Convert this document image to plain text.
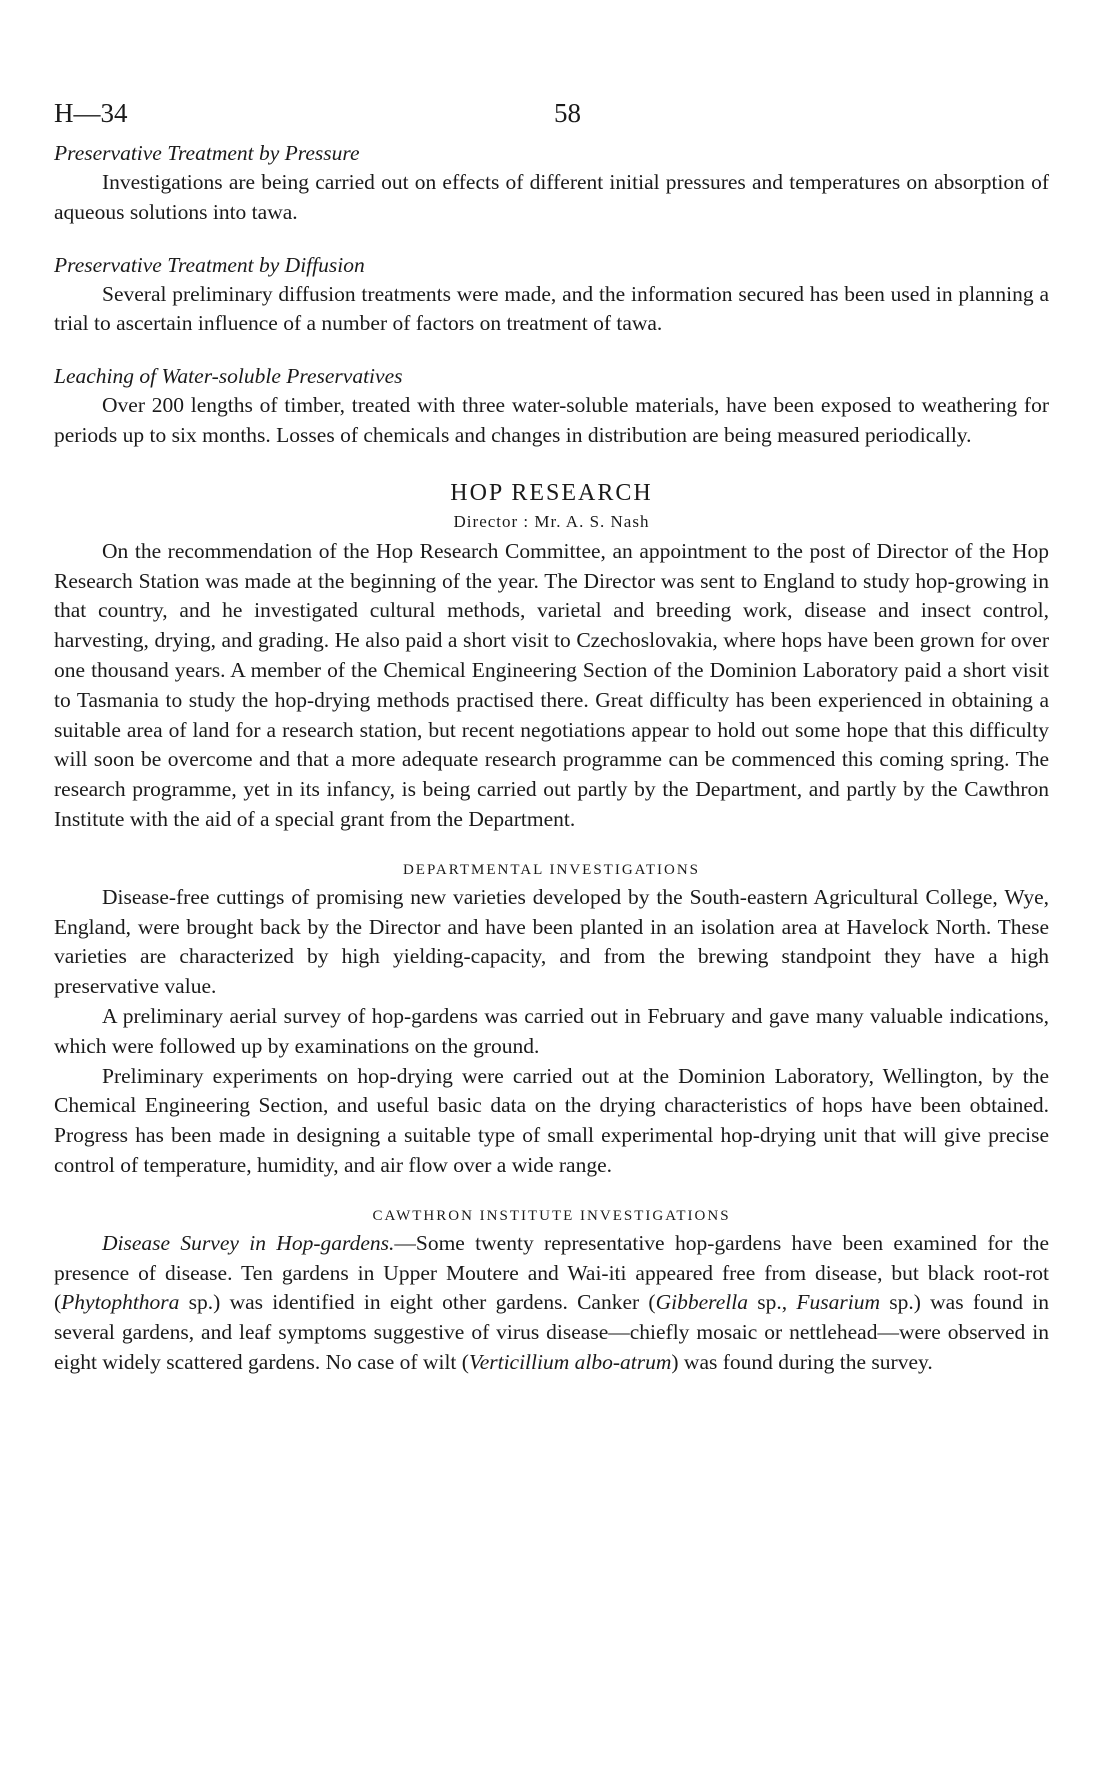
H—34	58
Preservative Treatment by Pressure

Investigations are being carried out on effects of different initial pressures and temperatures on absorption of aqueous solutions into tawa.

Preservative Treatment by Diffusion

Several preliminary diffusion treatments were made, and the information secured has been used in planning a trial to ascertain influence of a number of factors on treatment of tawa.

Leaching of Water-soluble Preservatives

Over 200 lengths of timber, treated with three water-soluble materials, have been exposed to weathering for periods up to six months. Losses of chemicals and changes in distribution are being measured periodically.

HOP RESEARCH
Director : Mr. A. S. Nash

On the recommendation of the Hop Research Committee, an appointment to the post of Director of the Hop Research Station was made at the beginning of the year. The Director was sent to England to study hop-growing in that country, and he investigated cultural methods, varietal and breeding work, disease and insect control, harvesting, drying, and grading. He also paid a short visit to Czechoslovakia, where hops have been grown for over one thousand years. A member of the Chemical Engineering Section of the Dominion Laboratory paid a short visit to Tasmania to study the hop-drying methods practised there. Great difficulty has been experienced in obtaining a suitable area of land for a research station, but recent negotiations appear to hold out some hope that this difficulty will soon be overcome and that a more adequate research programme can be commenced this coming spring. The research programme, yet in its infancy, is being carried out partly by the Department, and partly by the Cawthron Institute with the aid of a special grant from the Department.

DEPARTMENTAL INVESTIGATIONS

Disease-free cuttings of promising new varieties developed by the South-eastern Agricultural College, Wye, England, were brought back by the Director and have been planted in an isolation area at Havelock North. These varieties are characterized by high yielding-capacity, and from the brewing standpoint they have a high preservative value.

A preliminary aerial survey of hop-gardens was carried out in February and gave many valuable indications, which were followed up by examinations on the ground.

Preliminary experiments on hop-drying were carried out at the Dominion Laboratory, Wellington, by the Chemical Engineering Section, and useful basic data on the drying characteristics of hops have been obtained. Progress has been made in designing a suitable type of small experimental hop-drying unit that will give precise control of temperature, humidity, and air flow over a wide range.

CAWTHRON INSTITUTE INVESTIGATIONS

Disease Survey in Hop-gardens.—Some twenty representative hop-gardens have been examined for the presence of disease. Ten gardens in Upper Moutere and Wai-iti appeared free from disease, but black root-rot (Phytophthora sp.) was identified in eight other gardens. Canker (Gibberella sp., Fusarium sp.) was found in several gardens, and leaf symptoms suggestive of virus disease—chiefly mosaic or nettlehead—were observed in eight widely scattered gardens. No case of wilt (Verticillium albo-atrum) was found during the survey.
